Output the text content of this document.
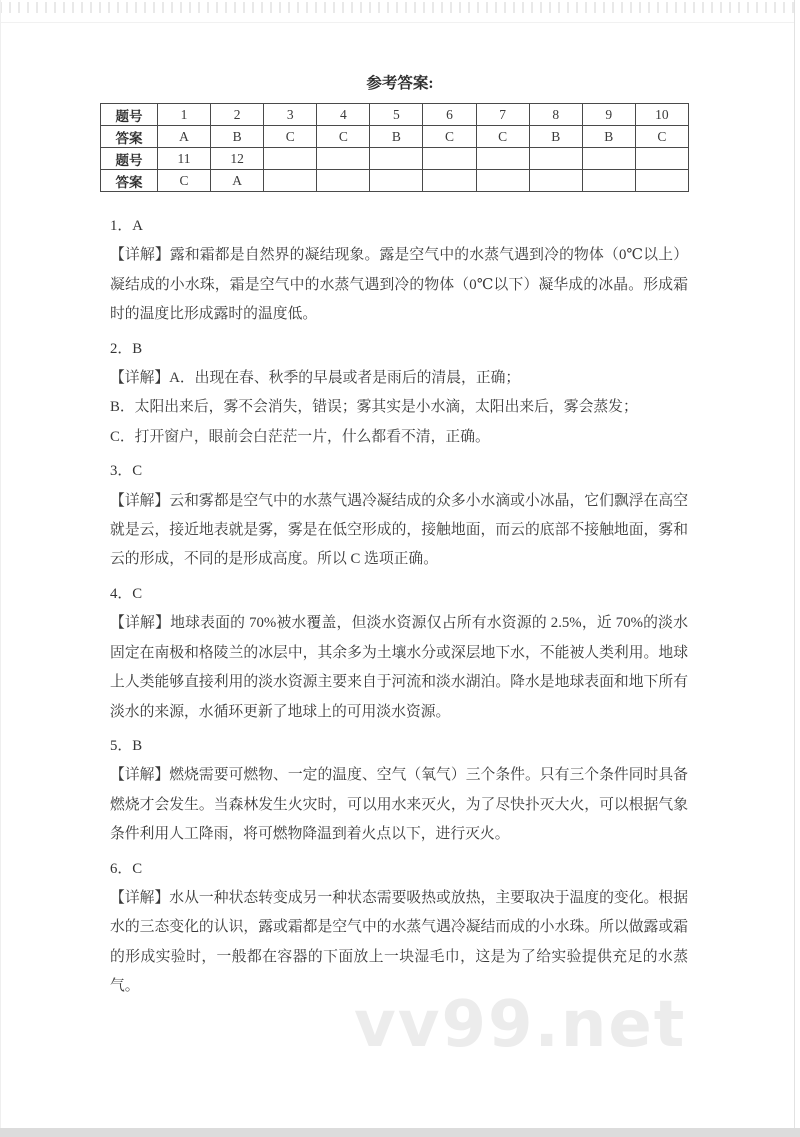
vv99.net

参考答案:

题号	1	2	3	4	5	6	7	8	9	10
答案	A	B	C	C	B	C	C	B	B	C
题号	11	12								
答案	C	A								

1．A

【详解】露和霜都是自然界的凝结现象。露是空气中的水蒸气遇到冷的物体（0℃以上）凝结成的小水珠，霜是空气中的水蒸气遇到冷的物体（0℃以下）凝华成的冰晶。形成霜时的温度比形成露时的温度低。

2．B

【详解】A．出现在春、秋季的早晨或者是雨后的清晨，正确；

B．太阳出来后，雾不会消失，错误；雾其实是小水滴，太阳出来后，雾会蒸发；

C．打开窗户，眼前会白茫茫一片，什么都看不清，正确。

3．C

【详解】云和雾都是空气中的水蒸气遇冷凝结成的众多小水滴或小冰晶，它们飘浮在高空就是云，接近地表就是雾，雾是在低空形成的，接触地面，而云的底部不接触地面，雾和云的形成，不同的是形成高度。所以 C 选项正确。

4．C

【详解】地球表面的 70%被水覆盖，但淡水资源仅占所有水资源的 2.5%，近 70%的淡水固定在南极和格陵兰的冰层中，其余多为土壤水分或深层地下水，不能被人类利用。地球上人类能够直接利用的淡水资源主要来自于河流和淡水湖泊。降水是地球表面和地下所有淡水的来源，水循环更新了地球上的可用淡水资源。

5．B

【详解】燃烧需要可燃物、一定的温度、空气（氧气）三个条件。只有三个条件同时具备燃烧才会发生。当森林发生火灾时，可以用水来灭火，为了尽快扑灭大火，可以根据气象条件利用人工降雨，将可燃物降温到着火点以下，进行灭火。

6．C

【详解】水从一种状态转变成另一种状态需要吸热或放热，主要取决于温度的变化。根据水的三态变化的认识，露或霜都是空气中的水蒸气遇冷凝结而成的小水珠。所以做露或霜的形成实验时，一般都在容器的下面放上一块湿毛巾，这是为了给实验提供充足的水蒸气。
